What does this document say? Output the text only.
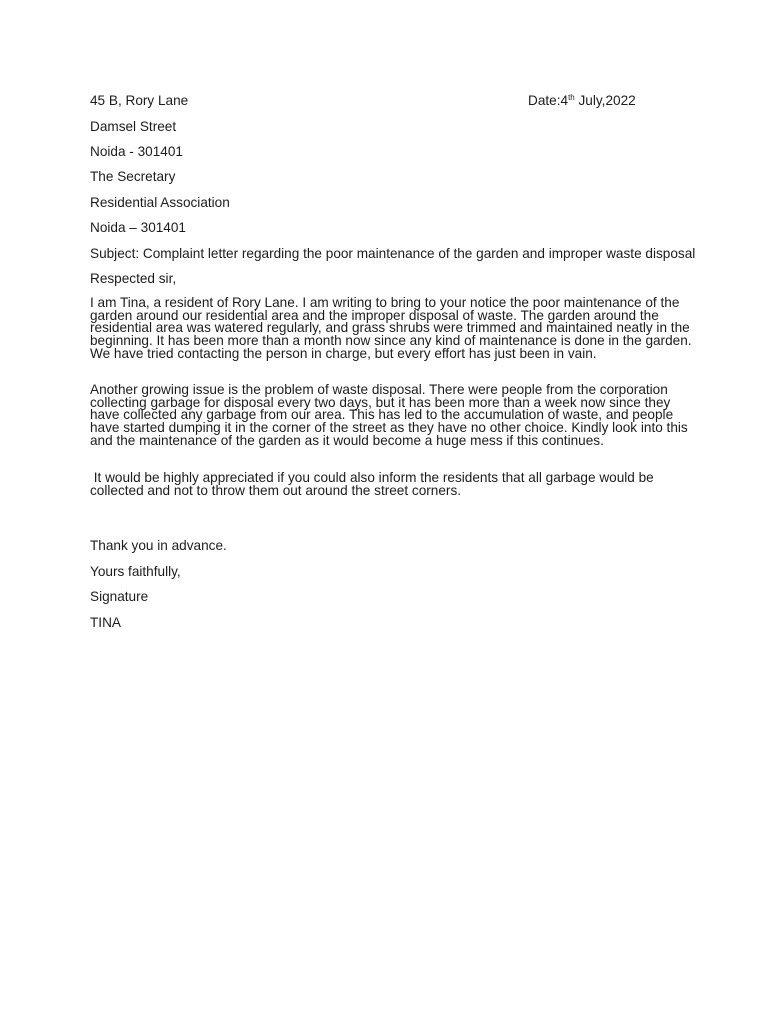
45 B, Rory Lane	Date:4th July,2022
Damsel Street
Noida - 301401
The Secretary
Residential Association
Noida – 301401
Subject: Complaint letter regarding the poor maintenance of the garden and improper waste disposal
Respected sir,
I am Tina, a resident of Rory Lane. I am writing to bring to your notice the poor maintenance of the
garden around our residential area and the improper disposal of waste. The garden around the
residential area was watered regularly, and grass shrubs were trimmed and maintained neatly in the
beginning. It has been more than a month now since any kind of maintenance is done in the garden.
We have tried contacting the person in charge, but every effort has just been in vain.
Another growing issue is the problem of waste disposal. There were people from the corporation
collecting garbage for disposal every two days, but it has been more than a week now since they
have collected any garbage from our area. This has led to the accumulation of waste, and people
have started dumping it in the corner of the street as they have no other choice. Kindly look into this
and the maintenance of the garden as it would become a huge mess if this continues.
It would be highly appreciated if you could also inform the residents that all garbage would be
collected and not to throw them out around the street corners.
Thank you in advance.
Yours faithfully,
Signature
TINA
